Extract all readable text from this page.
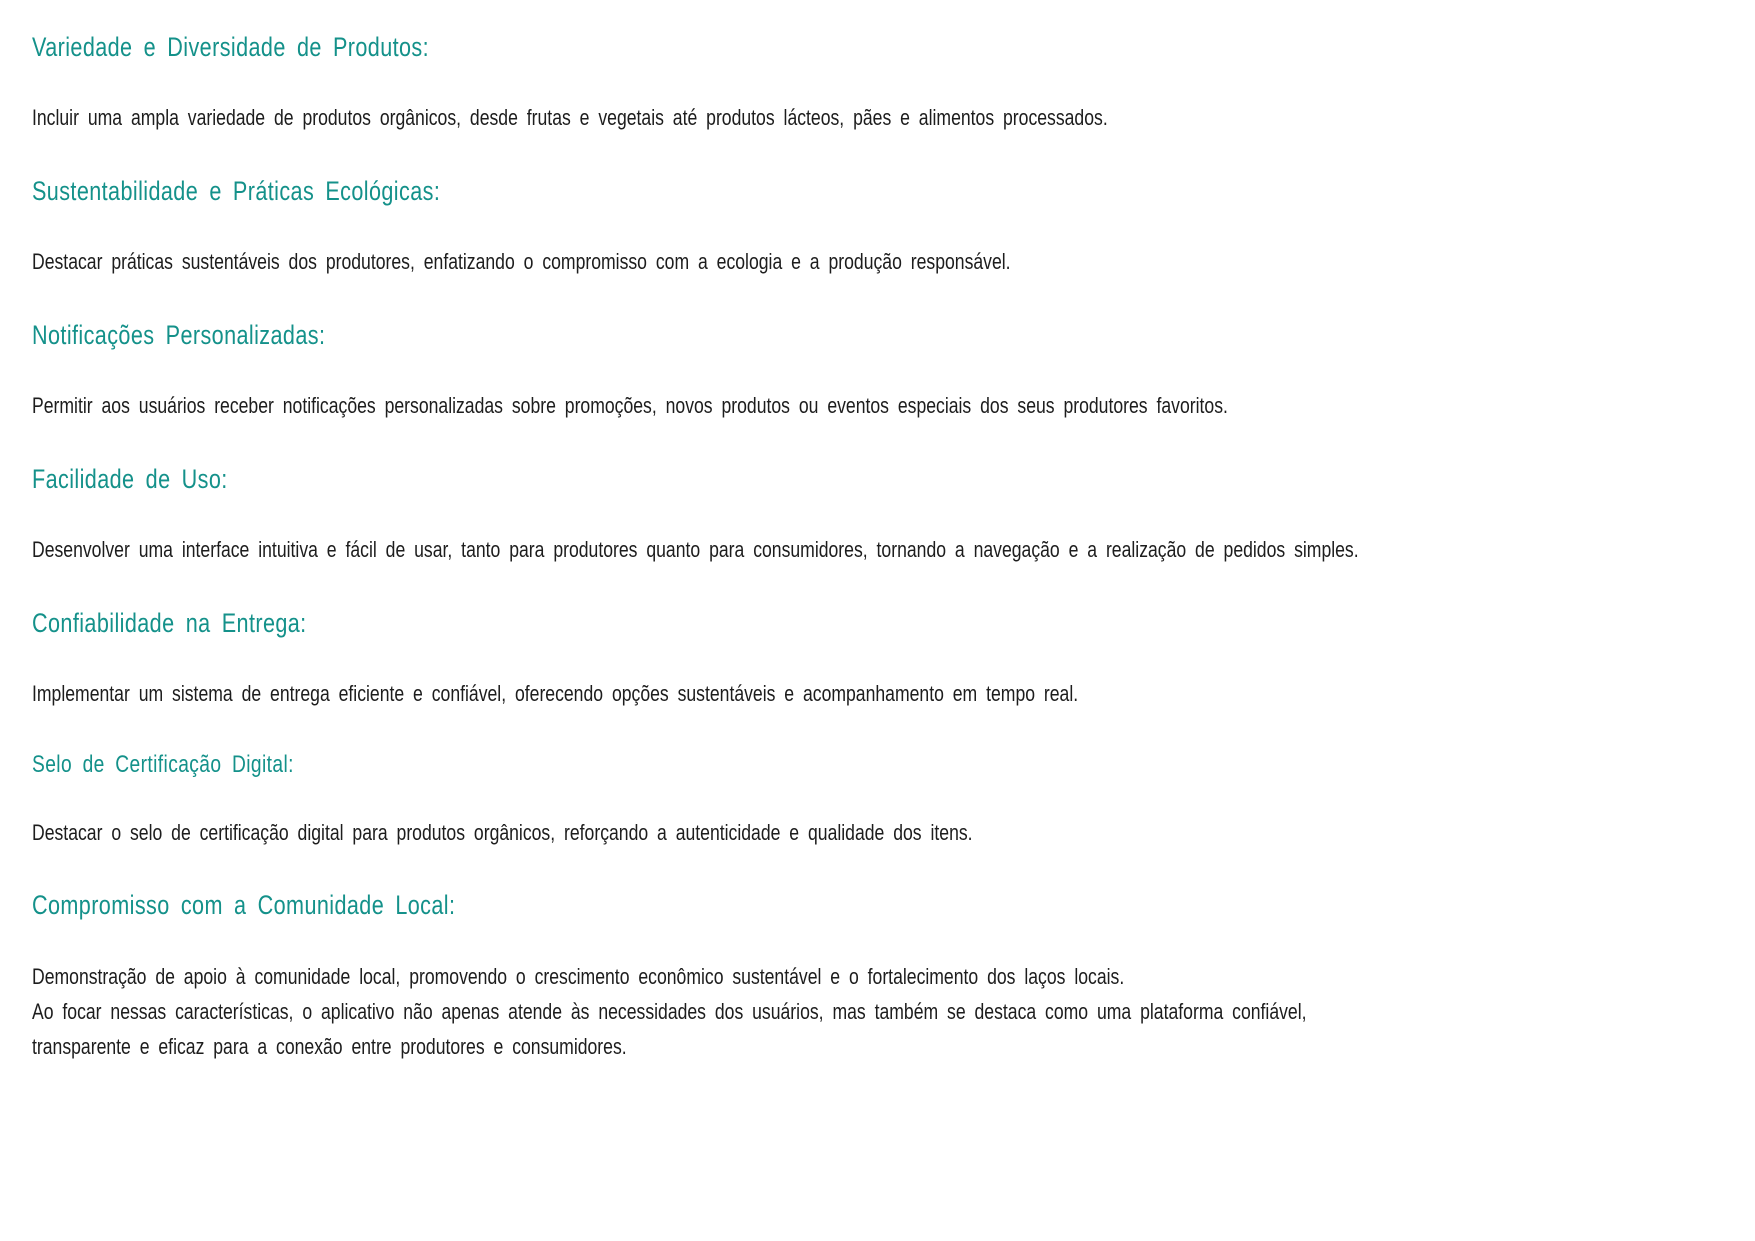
Variedade e Diversidade de Produtos:

Incluir uma ampla variedade de produtos orgânicos, desde frutas e vegetais até produtos lácteos, pães e alimentos processados.

Sustentabilidade e Práticas Ecológicas:

Destacar práticas sustentáveis dos produtores, enfatizando o compromisso com a ecologia e a produção responsável.

Notificações Personalizadas:

Permitir aos usuários receber notificações personalizadas sobre promoções, novos produtos ou eventos especiais dos seus produtores favoritos.

Facilidade de Uso:

Desenvolver uma interface intuitiva e fácil de usar, tanto para produtores quanto para consumidores, tornando a navegação e a realização de pedidos simples.

Confiabilidade na Entrega:

Implementar um sistema de entrega eficiente e confiável, oferecendo opções sustentáveis e acompanhamento em tempo real.

Selo de Certificação Digital:

Destacar o selo de certificação digital para produtos orgânicos, reforçando a autenticidade e qualidade dos itens.

Compromisso com a Comunidade Local:

Demonstração de apoio à comunidade local, promovendo o crescimento econômico sustentável e o fortalecimento dos laços locais.
Ao focar nessas características, o aplicativo não apenas atende às necessidades dos usuários, mas também se destaca como uma plataforma confiável,
transparente e eficaz para a conexão entre produtores e consumidores.
